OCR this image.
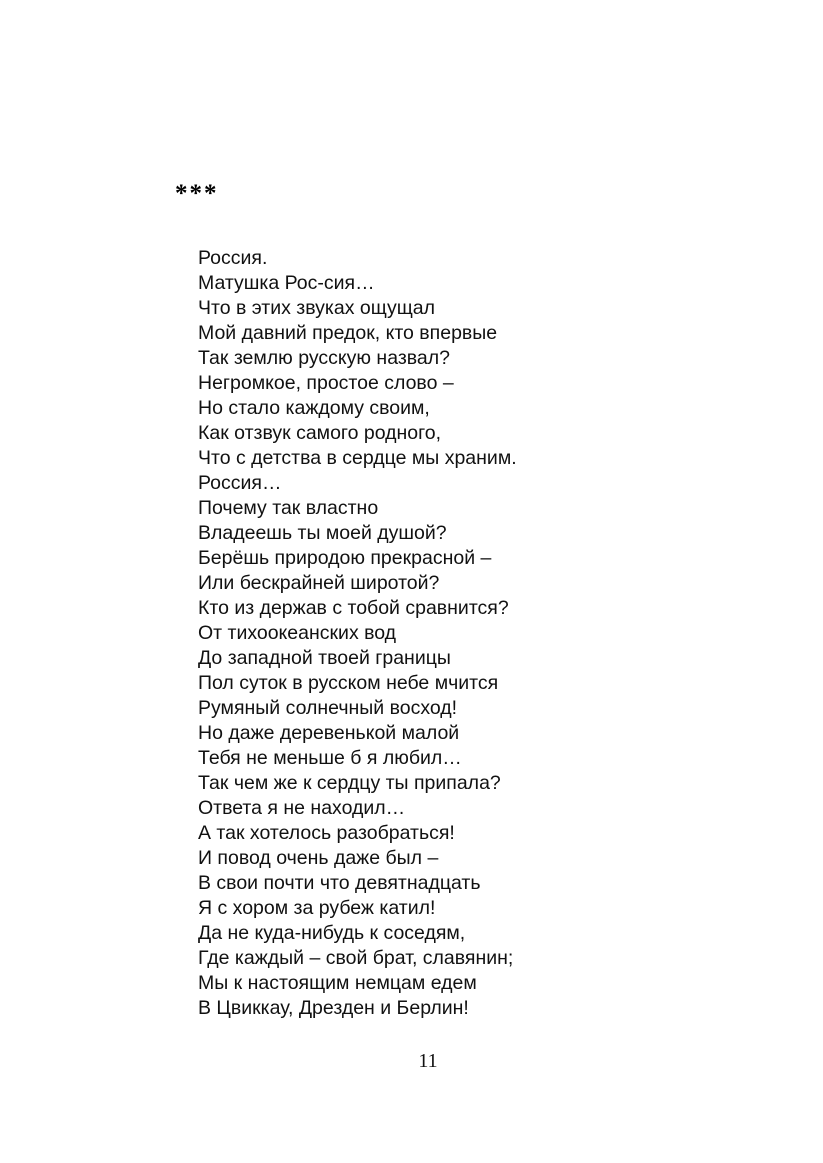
***
Россия.
Матушка Рос-сия…
Что в этих звуках ощущал
Мой давний предок, кто впервые
Так землю русскую назвал?
Негромкое, простое слово –
Но стало каждому своим,
Как отзвук самого родного,
Что с детства в сердце мы храним.
Россия…
Почему так властно
Владеешь ты моей душой?
Берёшь природою прекрасной –
Или бескрайней широтой?
Кто из держав с тобой сравнится?
От тихоокеанских вод
До западной твоей границы
Пол суток в русском небе мчится
Румяный солнечный восход!
Но даже деревенькой малой
Тебя не меньше б я любил…
Так чем же к сердцу ты припала?
Ответа я не находил…
А так хотелось разобраться!
И повод очень даже был –
В свои почти что девятнадцать
Я с хором за рубеж катил!
Да не куда-нибудь к соседям,
Где каждый – свой брат, славянин;
Мы к настоящим немцам едем
В Цвиккау, Дрезден и Берлин!
11
